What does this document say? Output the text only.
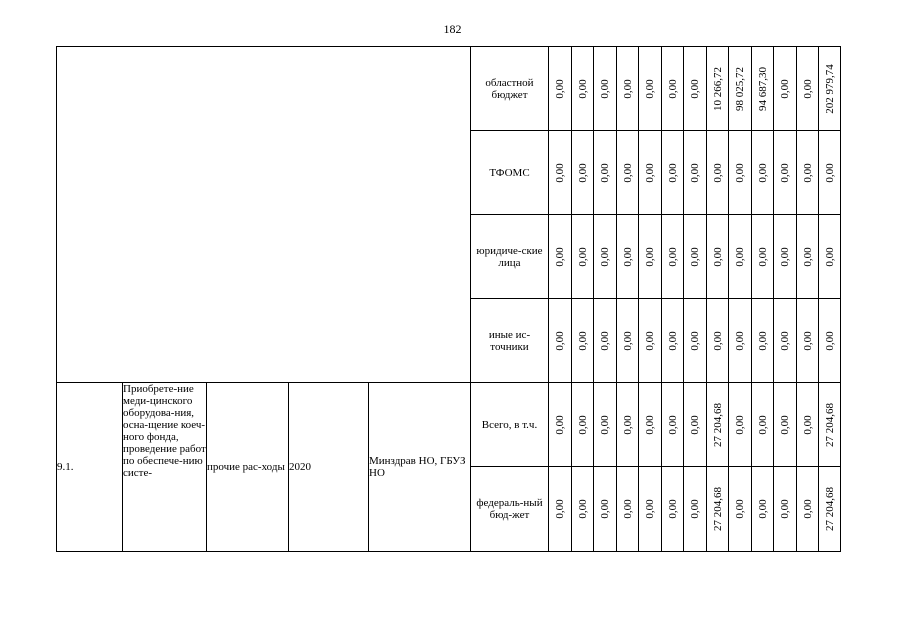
182
					областной бюджет	0,00	0,00	0,00	0,00	0,00	0,00	0,00	10 266,72	98 025,72	94 687,30	0,00	0,00	202 979,74

					ТФОМС	0,00	0,00	0,00	0,00	0,00	0,00	0,00	0,00	0,00	0,00	0,00	0,00	0,00

					юридиче-ские лица	0,00	0,00	0,00	0,00	0,00	0,00	0,00	0,00	0,00	0,00	0,00	0,00	0,00

					иные ис-точники	0,00	0,00	0,00	0,00	0,00	0,00	0,00	0,00	0,00	0,00	0,00	0,00	0,00

9.1.	Приобрете-ние меди-цинского оборудова-ния, осна-щение коеч-ного фонда, проведение работ по обеспече-нию систе-	прочие рас-ходы	2020	Минздрав НО, ГБУЗ НО	Всего, в т.ч.	0,00	0,00	0,00	0,00	0,00	0,00	0,00	27 204,68	0,00	0,00	0,00	0,00	27 204,68

					федераль-ный бюд-жет	0,00	0,00	0,00	0,00	0,00	0,00	0,00	27 204,68	0,00	0,00	0,00	0,00	27 204,68
